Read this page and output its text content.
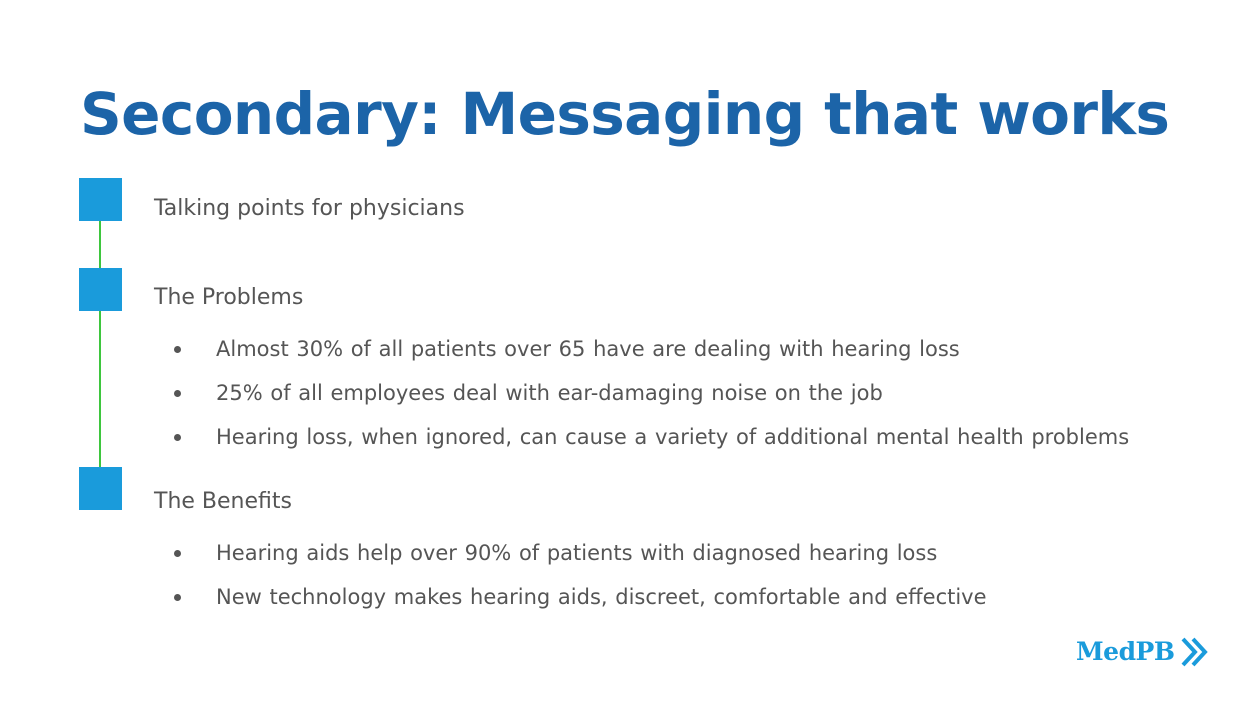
Secondary: Messaging that works
Talking points for physicians
The Problems
Almost 30% of all patients over 65 have are dealing with hearing loss
25% of all employees deal with ear-damaging noise on the job
Hearing loss, when ignored, can cause a variety of additional mental health problems
The Benefits
Hearing aids help over 90% of patients with diagnosed hearing loss
New technology makes hearing aids, discreet, comfortable and effective
MedPB
